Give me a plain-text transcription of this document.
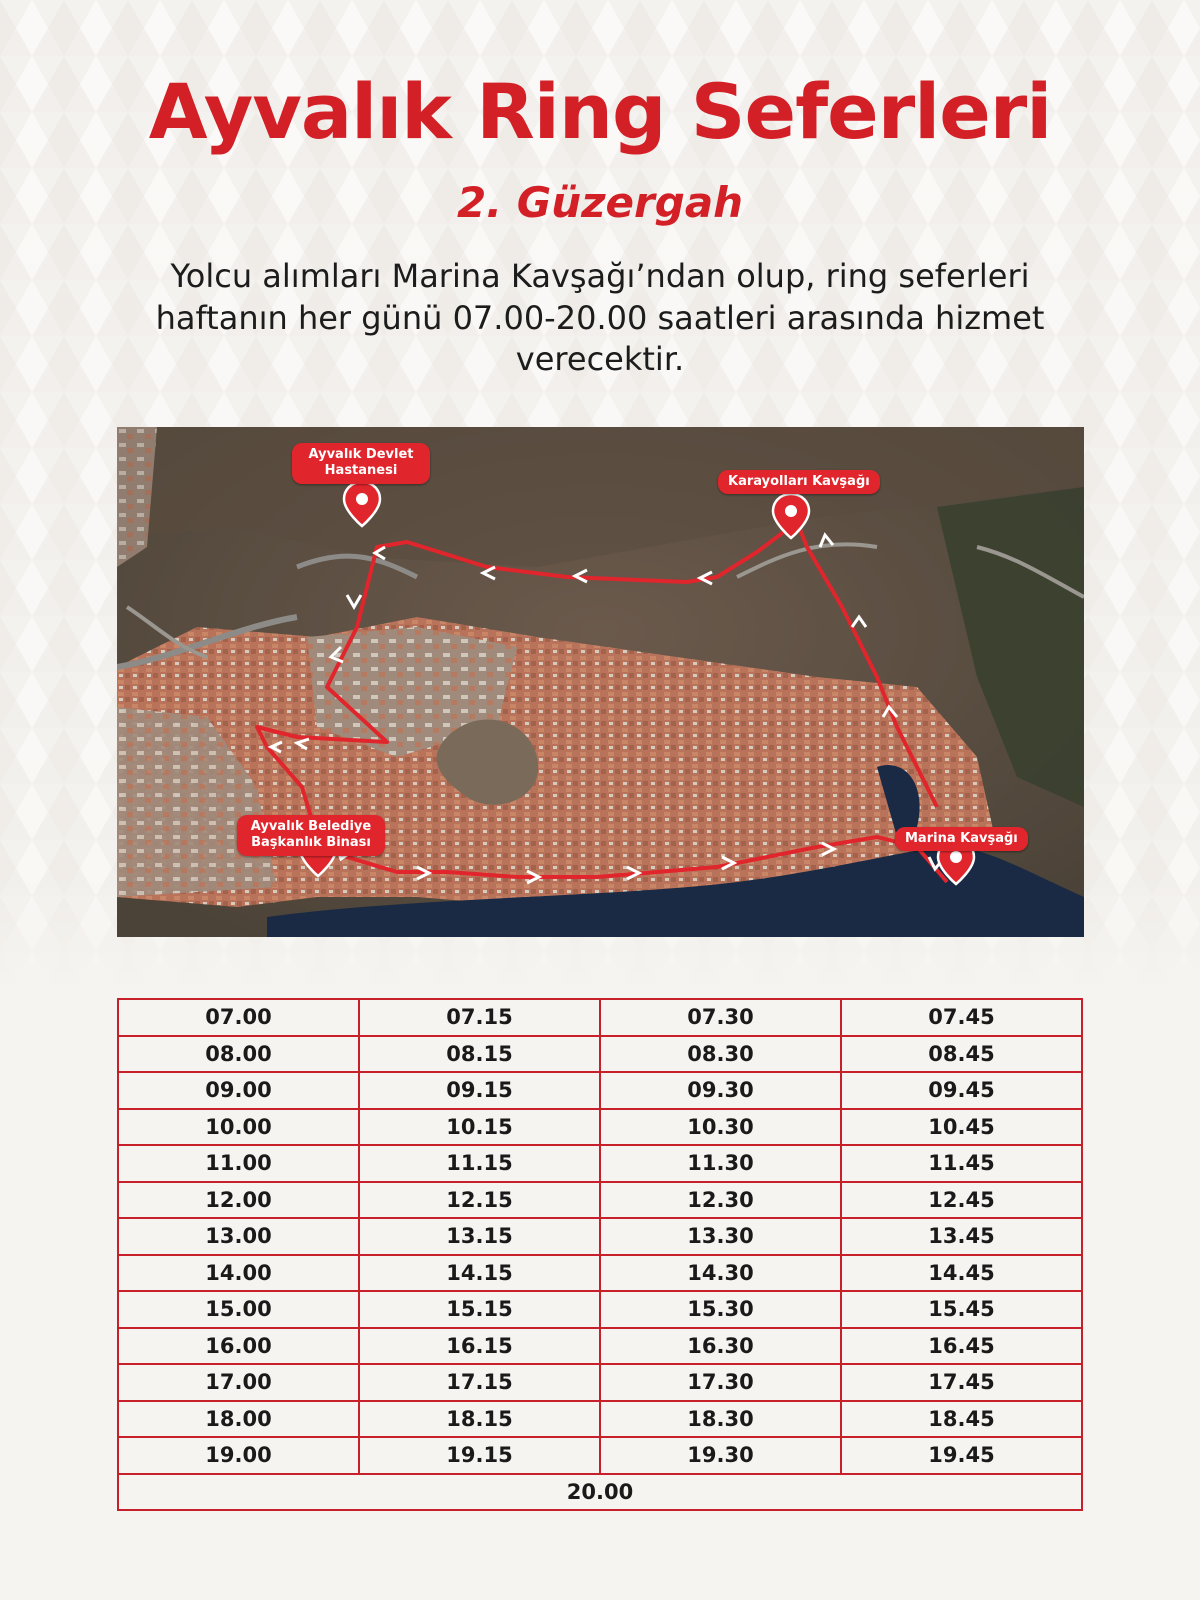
Ayvalık Ring Seferleri
2. Güzergah
Yolcu alımları Marina Kavşağı’ndan olup, ring seferleri haftanın her günü 07.00-20.00 saatleri arasında hizmet verecektir.
Ayvalık Devlet Hastanesi
Karayolları Kavşağı
Ayvalık Belediye Başkanlık Binası	Marina Kavşağı
07.00	07.15	07.30	07.45
08.00	08.15	08.30	08.45
09.00	09.15	09.30	09.45
10.00	10.15	10.30	10.45
11.00	11.15	11.30	11.45
12.00	12.15	12.30	12.45
13.00	13.15	13.30	13.45
14.00	14.15	14.30	14.45
15.00	15.15	15.30	15.45
16.00	16.15	16.30	16.45
17.00	17.15	17.30	17.45
18.00	18.15	18.30	18.45
19.00	19.15	19.30	19.45
20.00			
